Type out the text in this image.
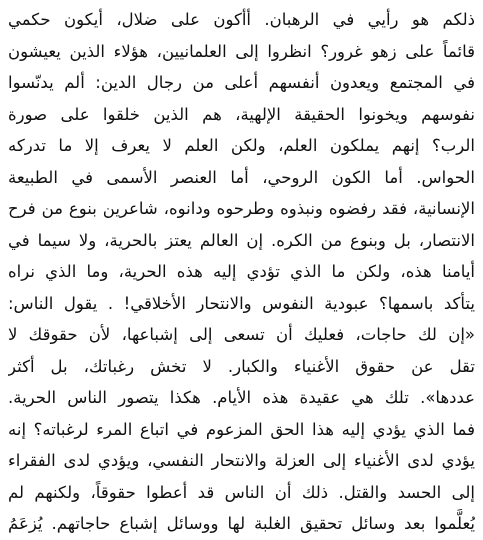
ذلكم هو رأيي في الرهبان. أأكون على ضلال، أيكون حكمي
قائماً على زهو غرور؟ انظروا إلى العلمانيين، هؤلاء الذين يعيشون
في المجتمع ويعدون أنفسهم أعلى من رجال الدين: ألم يدنّسوا
نفوسهم ويخونوا الحقيقة الإلهية، هم الذين خلقوا على صورة
الرب؟ إنهم يملكون العلم، ولكن العلم لا يعرف إلا ما تدركه
الحواس. أما الكون الروحي، أما العنصر الأسمى في الطبيعة
الإنسانية، فقد رفضوه ونبذوه وطرحوه ودانوه، شاعرين بنوع من فرح
الانتصار، بل وبنوع من الكره. إن العالم يعتز بالحرية، ولا سيما في
أيامنا هذه، ولكن ما الذي تؤدي إليه هذه الحرية، وما الذي نراه
يتأكد باسمها؟ عبودية النفوس والانتحار الأخلاقي! . يقول الناس:
«إن لك حاجات، فعليك أن تسعى إلى إشباعها، لأن حقوقك لا
تقل عن حقوق الأغنياء والكبار. لا تخش رغباتك، بل أكثر
عددها». تلك هي عقيدة هذه الأيام. هكذا يتصور الناس الحرية.
فما الذي يؤدي إليه هذا الحق المزعوم في اتباع المرء لرغباته؟ إنه
يؤدي لدى الأغنياء إلى العزلة والانتحار النفسي، ويؤدي لدى الفقراء
إلى الحسد والقتل. ذلك أن الناس قد أعطوا حقوقاً، ولكنهم لم
يُعلَّموا بعد وسائل تحقيق الغلبة لها ووسائل إشباع حاجاتهم. يُزعَمُ
